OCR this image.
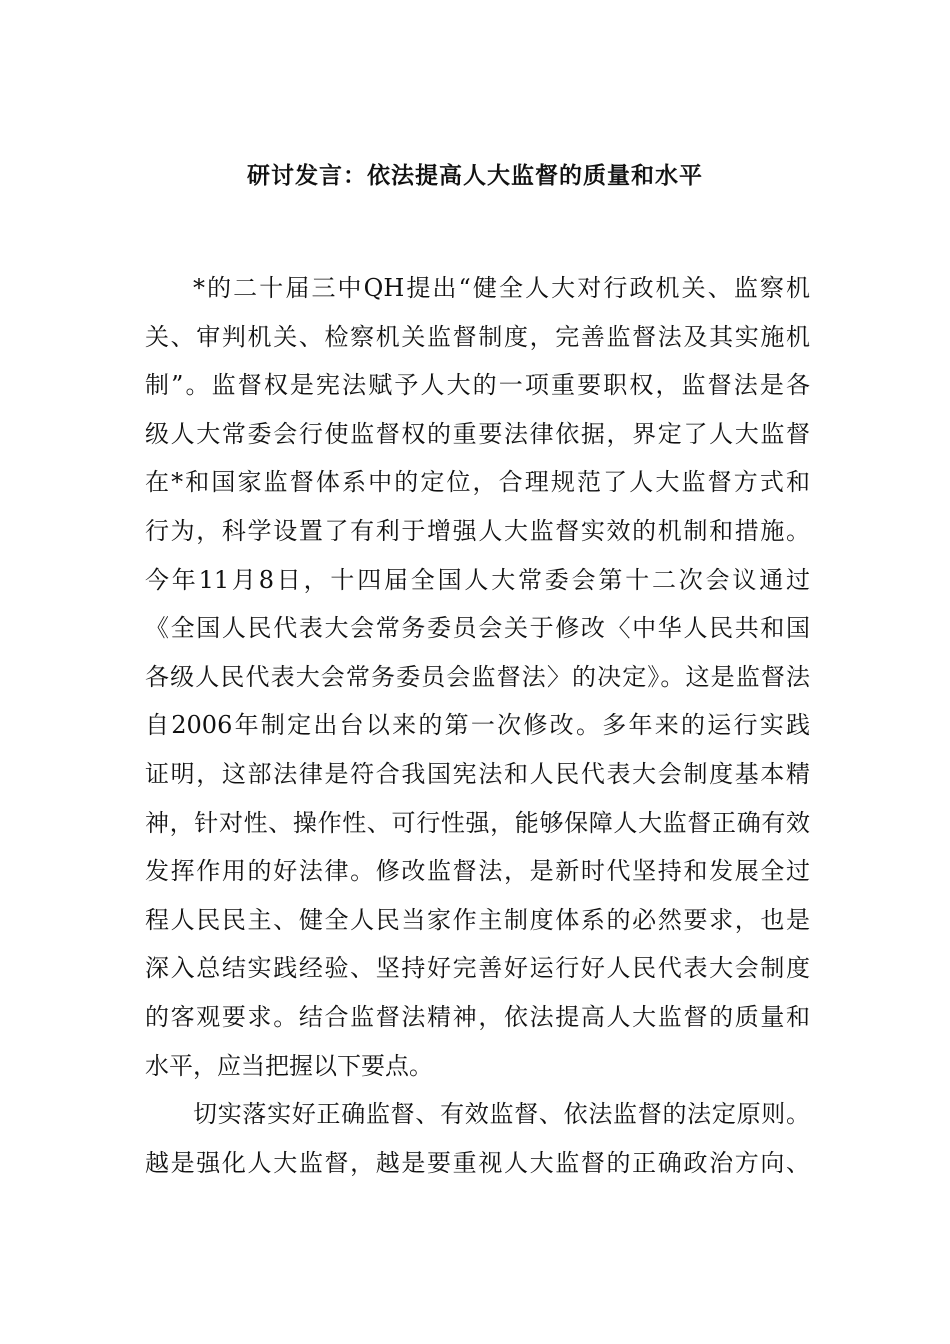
研讨发言：依法提高人大监督的质量和水平
*的二十届三中QH提出“健全人大对行政机关、监察机
关、审判机关、检察机关监督制度，完善监督法及其实施机
制”。监督权是宪法赋予人大的一项重要职权，监督法是各
级人大常委会行使监督权的重要法律依据，界定了人大监督
在*和国家监督体系中的定位，合理规范了人大监督方式和
行为，科学设置了有利于增强人大监督实效的机制和措施。
今年11月8日，十四届全国人大常委会第十二次会议通过
《全国人民代表大会常务委员会关于修改〈中华人民共和国
各级人民代表大会常务委员会监督法〉的决定》。这是监督法
自2006年制定出台以来的第一次修改。多年来的运行实践
证明，这部法律是符合我国宪法和人民代表大会制度基本精
神，针对性、操作性、可行性强，能够保障人大监督正确有效
发挥作用的好法律。修改监督法，是新时代坚持和发展全过
程人民民主、健全人民当家作主制度体系的必然要求，也是
深入总结实践经验、坚持好完善好运行好人民代表大会制度
的客观要求。结合监督法精神，依法提高人大监督的质量和
水平，应当把握以下要点。
切实落实好正确监督、有效监督、依法监督的法定原则。
越是强化人大监督，越是要重视人大监督的正确政治方向、
